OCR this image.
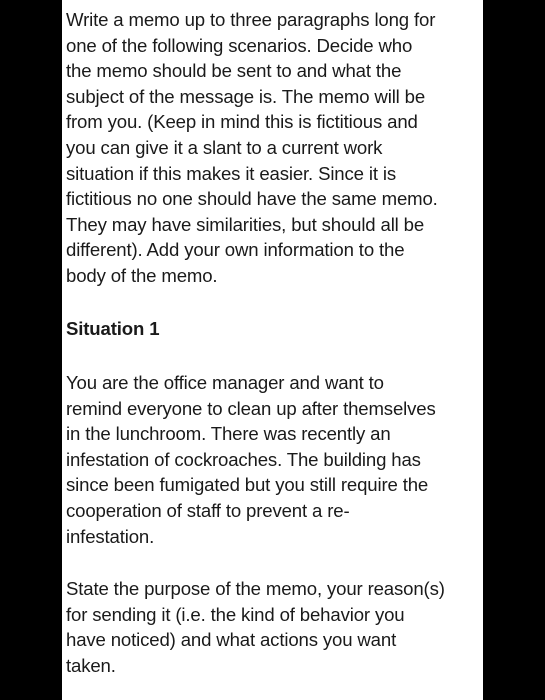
Write a memo up to three paragraphs long for
one of the following scenarios. Decide who
the memo should be sent to and what the
subject of the message is. The memo will be
from you. (Keep in mind this is fictitious and
you can give it a slant to a current work
situation if this makes it easier. Since it is
fictitious no one should have the same memo.
They may have similarities, but should all be
different). Add your own information to the
body of the memo.
Situation 1
You are the office manager and want to
remind everyone to clean up after themselves
in the lunchroom. There was recently an
infestation of cockroaches. The building has
since been fumigated but you still require the
cooperation of staff to prevent a re-
infestation.
State the purpose of the memo, your reason(s)
for sending it (i.e. the kind of behavior you
have noticed) and what actions you want
taken.
